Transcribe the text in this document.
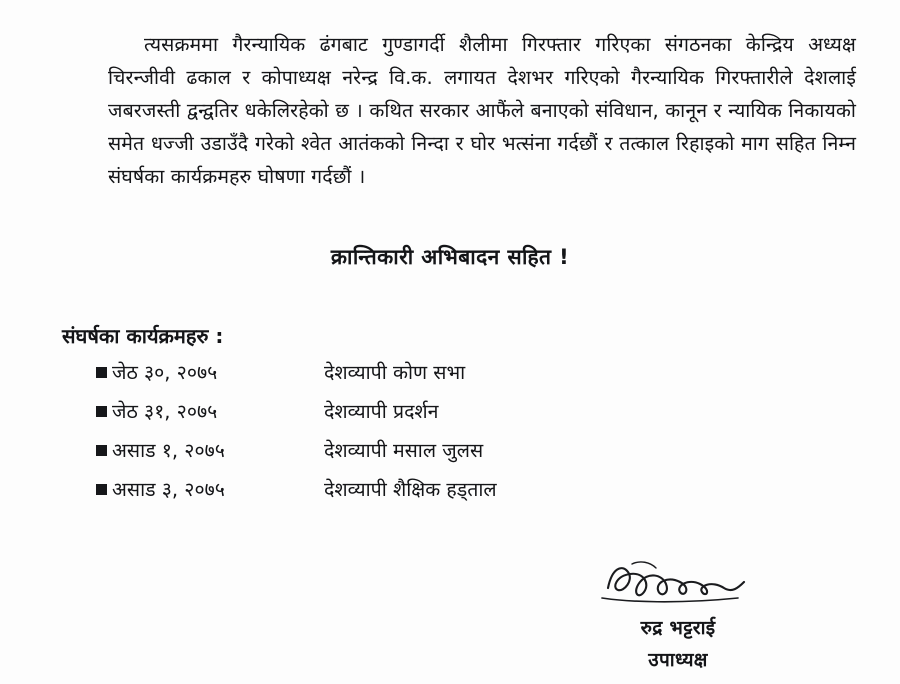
त्यसक्रममा गैरन्यायिक ढंगबाट गुण्डागर्दी शैलीमा गिरफ्तार गरिएका संगठनका केन्द्रिय अध्यक्ष चिरन्जीवी ढकाल र कोपाध्यक्ष नरेन्द्र वि.क. लगायत देशभर गरिएको गैरन्यायिक गिरफ्तारीले देशलाई जबरजस्ती द्वन्द्वतिर धकेलिरहेको छ । कथित सरकार आफैंले बनाएको संविधान, कानून र न्यायिक निकायको समेत धज्जी उडाउँदै गरेको श्वेत आतंकको निन्दा र घोर भत्संना गर्दछौं र तत्काल रिहाइको माग सहित निम्न संघर्षका कार्यक्रमहरु घोषणा गर्दछौं ।

क्रान्तिकारी अभिबादन सहित !
संघर्षका कार्यक्रमहरु :
जेठ ३०, २०७५	देशव्यापी कोण सभा
जेठ ३१, २०७५	देशव्यापी प्रदर्शन
असाड १, २०७५	देशव्यापी मसाल जुलस
असाड ३, २०७५	देशव्यापी शैक्षिक हड्ताल
रुद्र भट्टराई
उपाध्यक्ष
